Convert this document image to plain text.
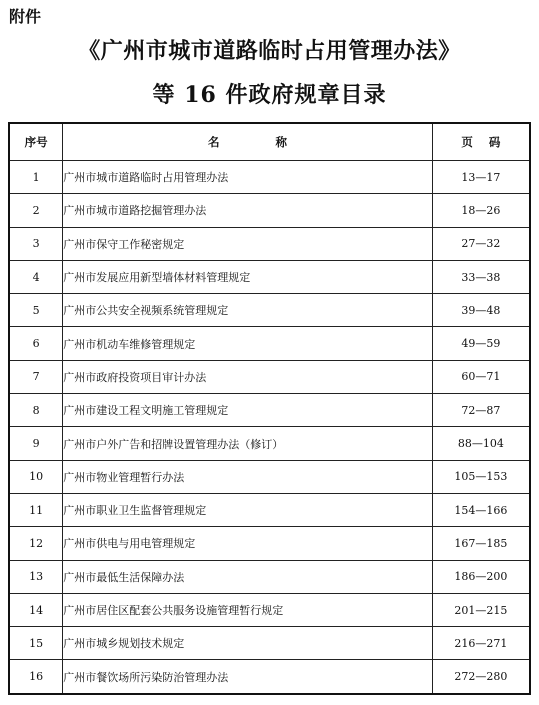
附件
《广州市城市道路临时占用管理办法》
等 16 件政府规章目录
序号	名 称	页 码
1	广州市城市道路临时占用管理办法	13—17
2	广州市城市道路挖掘管理办法	18—26
3	广州市保守工作秘密规定	27—32
4	广州市发展应用新型墙体材料管理规定	33—38
5	广州市公共安全视频系统管理规定	39—48
6	广州市机动车维修管理规定	49—59
7	广州市政府投资项目审计办法	60—71
8	广州市建设工程文明施工管理规定	72—87
9	广州市户外广告和招牌设置管理办法（修订）	88—104
10	广州市物业管理暂行办法	105—153
11	广州市职业卫生监督管理规定	154—166
12	广州市供电与用电管理规定	167—185
13	广州市最低生活保障办法	186—200
14	广州市居住区配套公共服务设施管理暂行规定	201—215
15	广州市城乡规划技术规定	216—271
16	广州市餐饮场所污染防治管理办法	272—280
